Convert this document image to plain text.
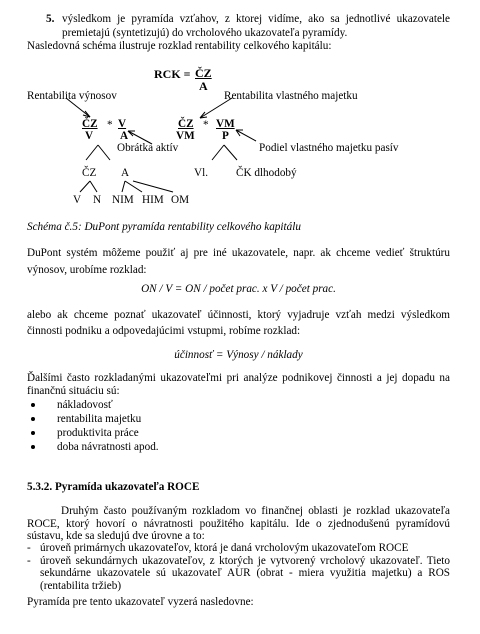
5. výsledkom je pyramída vzťahov, z ktorej vidíme, ako sa jednotlivé ukazovatele
premietajú (syntetizujú) do vrcholového ukazovateľa pyramídy.
Nasledovná schéma ilustruje rozklad rentability celkového kapitálu:
RCK = ČZ
A
Rentabilita výnosov	Rentabilita vlastného majetku
ČZ
V
* V
A
ČZ
VM
* VM
P
Obrátka aktív	Podiel vlastného majetku pasív
ČZ A	Vl.	ČK dlhodobý
V N NIM HIM OM
Schéma č.5: DuPont pyramída rentability celkového kapitálu
DuPont systém môžeme použiť aj pre iné ukazovatele, napr. ak chceme vedieť štruktúru výnosov, urobíme rozklad:
ON / V = ON / počet prac. x V / počet prac.
alebo ak chceme poznať ukazovateľ účinnosti, ktorý vyjadruje vzťah medzi výsledkom činnosti podniku a odpovedajúcimi vstupmi, robíme rozklad:
účinnosť = Výnosy / náklady
Ďalšími často rozkladanými ukazovateľmi pri analýze podnikovej činnosti a jej dopadu na finančnú situáciu sú:
nákladovosť
rentabilita majetku
produktivita práce
doba návratnosti apod.
5.3.2. Pyramída ukazovateľa ROCE
Druhým často používaným rozkladom vo finančnej oblasti je rozklad ukazovateľa ROCE, ktorý hovorí o návratnosti použitého kapitálu. Ide o zjednodušenú pyramídovú sústavu, kde sa sledujú dve úrovne a to:
- úroveň primárnych ukazovateľov, ktorá je daná vrcholovým ukazovateľom ROCE
- úroveň sekundárnych ukazovateľov, z ktorých je vytvorený vrcholový ukazovateľ. Tieto sekundárne ukazovatele sú ukazovateľ AUR (obrat - miera využitia majetku) a ROS (rentabilita tržieb)
Pyramída pre tento ukazovateľ vyzerá nasledovne:
